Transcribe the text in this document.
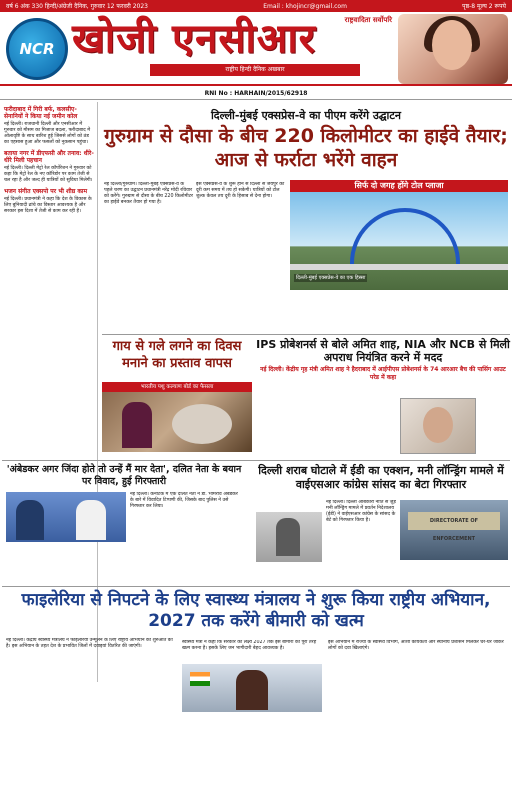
वर्ष 6 अंक 330 हिन्दी/अंग्रेजी दैनिक, गुरुवार 12 फरवरी 2023	Email : khojincr@gmail.com	पृष्ठ-8 मूल्य 2 रूपये
NCR खोजी एनसीआर	राष्ट्रवादिता सर्वोपरि
राष्ट्रीय हिन्दी दैनिक अखबार
RNI No : HARHAIN/2015/62918
फरीदाबाद में गिरी बर्फ, कलसीए-सेनानियों ने किया नई जमीन कोल
नई दिल्ली। राजधानी दिल्ली और एनसीआर में गुरुवार को मौसम का मिजाज बदला, फरीदाबाद में ओलावृष्टि के साथ बारिश हुई जिससे लोगों को ठंड का एहसास हुआ और फसलों को नुकसान पहुंचा।
बताया नगर में डीएफसी और तनाव: धीरे-धीरे मिली पहचान
नई दिल्ली। दिल्ली मेट्रो रेल कॉर्पोरेशन ने गुरुवार को कहा कि मेट्रो रेल के नए कॉरिडोर पर काम तेजी से चल रहा है और जल्द ही यात्रियों को सुविधा मिलेगी।
भजन संगीत एक्सपो पर भी शीघ्र काम
नई दिल्ली। प्रधानमंत्री ने कहा कि देश के विकास के लिए बुनियादी ढांचे का विस्तार आवश्यक है और सरकार इस दिशा में तेजी से काम कर रही है।
दिल्ली-मुंबई एक्सप्रेस-वे का पीएम करेंगे उद्घाटन
गुरुग्राम से दौसा के बीच 220 किलोमीटर का हाईवे तैयार; आज से फर्राटा भरेंगे वाहन
नई दिल्ली/गुरुग्राम। दिल्ली-मुंबई एक्सप्रेस-वे के पहले चरण का उद्घाटन प्रधानमंत्री नरेंद्र मोदी रविवार को करेंगे। गुरुग्राम से दौसा के बीच 220 किलोमीटर का हाईवे बनकर तैयार हो गया है।
इस एक्सप्रेस-वे के शुरू होने से दिल्ली से जयपुर की दूरी कम समय में तय हो सकेगी। यात्रियों को टोल शुल्क केवल तय दूरी के हिसाब से देना होगा।
सिर्फ दो जगह होंगे टोल प्लाजा
दिल्ली-मुंबई एक्सप्रेस-वे का एक हिस्सा
गाय से गले लगने का दिवस मनाने का प्रस्ताव वापस
भारतीय पशु कल्याण बोर्ड का फैसला
IPS प्रोबेशनर्स से बोले अमित शाह, NIA और NCB से मिली अपराध नियंत्रित करने में मदद
नई दिल्ली। केंद्रीय गृह मंत्री अमित शाह ने हैदराबाद में आईपीएस प्रोबेशनर्स के 74 आरआर बैच की पासिंग आउट परेड में कहा
'अंबेडकर अगर जिंदा होते तो उन्हें मैं मार देता', दलित नेता के बयान पर विवाद, हुई गिरफ्तारी
नई दिल्ली। कर्नाटक में एक दलित नेता ने डॉ. भीमराव अंबेडकर के बारे में विवादित टिप्पणी की, जिसके बाद पुलिस ने उसे गिरफ्तार कर लिया।
दिल्ली शराब घोटाले में ईडी का एक्शन, मनी लॉन्ड्रिंग मामले में वाईएसआर कांग्रेस सांसद का बेटा गिरफ्तार
नई दिल्ली। दिल्ली आबकारी नीति से जुड़े मनी लॉन्ड्रिंग मामले में प्रवर्तन निदेशालय (ईडी) ने वाईएसआर कांग्रेस के सांसद के बेटे को गिरफ्तार किया है।	DIRECTORATE OF ENFORCEMENT
फाइलेरिया से निपटने के लिए स्वास्थ्य मंत्रालय ने शुरू किया राष्ट्रीय अभियान, 2027 तक करेंगे बीमारी को खत्म
नई दिल्ली। केंद्रीय स्वास्थ्य मंत्रालय ने फाइलेरिया उन्मूलन के लिए राष्ट्रीय अभियान की शुरुआत की है। इस अभियान के तहत देश के प्रभावित जिलों में दवाइयां वितरित की जाएंगी।
स्वास्थ्य मंत्री ने कहा कि सरकार का लक्ष्य 2027 तक इस बीमारी को पूरी तरह खत्म करना है। इसके लिए जन भागीदारी बेहद आवश्यक है।
इस अभियान में राज्यों के स्वास्थ्य विभाग, आशा कार्यकर्ता और स्थानीय प्रशासन मिलकर घर-घर जाकर लोगों को दवा खिलाएंगे।
